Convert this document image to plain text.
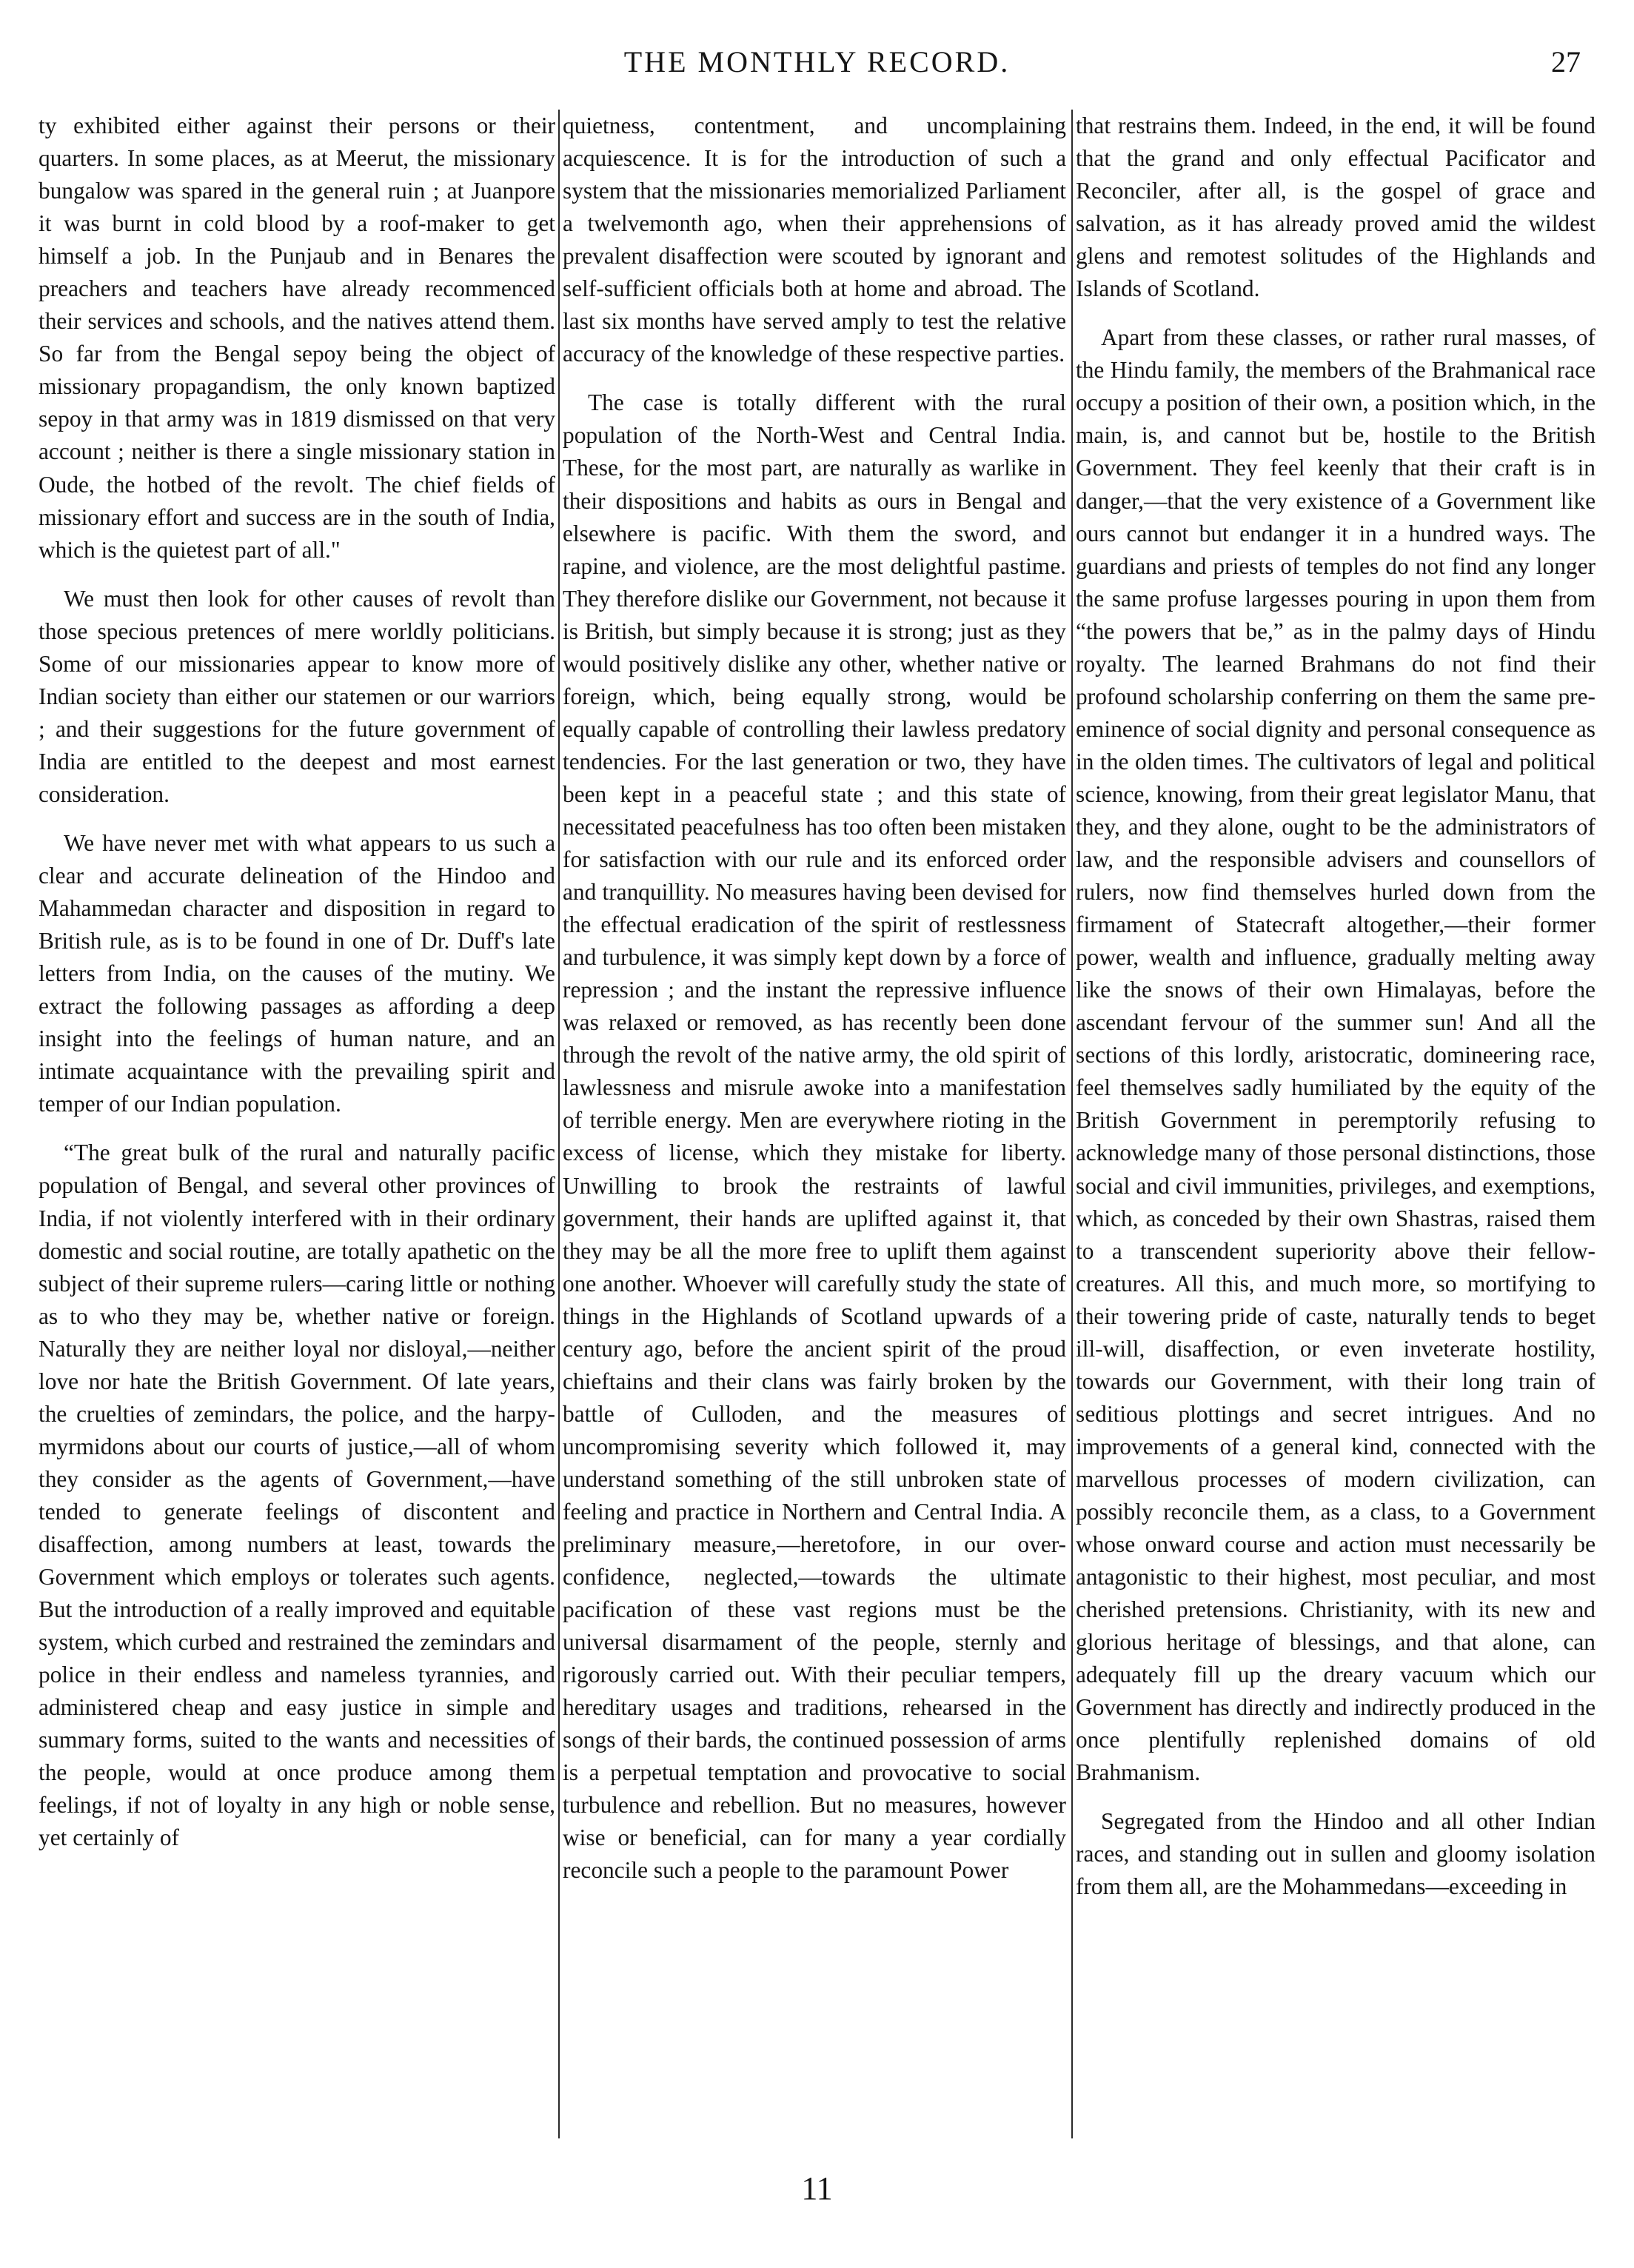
THE MONTHLY RECORD.	27

ty exhibited either against their persons or their quarters. In some places, as at Meerut, the missionary bungalow was spared in the general ruin ; at Juanpore it was burnt in cold blood by a roof-maker to get himself a job. In the Punjaub and in Benares the preachers and teachers have already recommenced their services and schools, and the natives attend them. So far from the Bengal sepoy being the object of missionary propagandism, the only known baptized sepoy in that army was in 1819 dismissed on that very account ; neither is there a single missionary station in Oude, the hotbed of the revolt. The chief fields of missionary effort and success are in the south of India, which is the quietest part of all."

We must then look for other causes of revolt than those specious pretences of mere worldly politicians. Some of our missionaries appear to know more of Indian society than either our statemen or our warriors ; and their suggestions for the future government of India are entitled to the deepest and most earnest consideration.

We have never met with what appears to us such a clear and accurate delineation of the Hindoo and Mahammedan character and disposition in regard to British rule, as is to be found in one of Dr. Duff's late letters from India, on the causes of the mutiny. We extract the following passages as affording a deep insight into the feelings of human nature, and an intimate acquaintance with the prevailing spirit and temper of our Indian population.

“The great bulk of the rural and naturally pacific population of Bengal, and several other provinces of India, if not violently interfered with in their ordinary domestic and social routine, are totally apathetic on the subject of their supreme rulers—caring little or nothing as to who they may be, whether native or foreign. Naturally they are neither loyal nor disloyal,—neither love nor hate the British Government. Of late years, the cruelties of zemindars, the police, and the harpy-myrmidons about our courts of justice,—all of whom they consider as the agents of Government,—have tended to generate feelings of discontent and disaffection, among numbers at least, towards the Government which employs or tolerates such agents. But the introduction of a really improved and equitable system, which curbed and restrained the zemindars and police in their endless and nameless tyrannies, and administered cheap and easy justice in simple and summary forms, suited to the wants and necessities of the people, would at once produce among them feelings, if not of loyalty in any high or noble sense, yet certainly of

quietness, contentment, and uncomplaining acquiescence. It is for the introduction of such a system that the missionaries memorialized Parliament a twelvemonth ago, when their apprehensions of prevalent disaffection were scouted by ignorant and self-sufficient officials both at home and abroad. The last six months have served amply to test the relative accuracy of the knowledge of these respective parties.

The case is totally different with the rural population of the North-West and Central India. These, for the most part, are naturally as warlike in their dispositions and habits as ours in Bengal and elsewhere is pacific. With them the sword, and rapine, and violence, are the most delightful pastime. They therefore dislike our Government, not because it is British, but simply because it is strong; just as they would positively dislike any other, whether native or foreign, which, being equally strong, would be equally capable of controlling their lawless predatory tendencies. For the last generation or two, they have been kept in a peaceful state ; and this state of necessitated peacefulness has too often been mistaken for satisfaction with our rule and its enforced order and tranquillity. No measures having been devised for the effectual eradication of the spirit of restlessness and turbulence, it was simply kept down by a force of repression ; and the instant the repressive influence was relaxed or removed, as has recently been done through the revolt of the native army, the old spirit of lawlessness and misrule awoke into a manifestation of terrible energy. Men are everywhere rioting in the excess of license, which they mistake for liberty. Unwilling to brook the restraints of lawful government, their hands are uplifted against it, that they may be all the more free to uplift them against one another. Whoever will carefully study the state of things in the Highlands of Scotland upwards of a century ago, before the ancient spirit of the proud chieftains and their clans was fairly broken by the battle of Culloden, and the measures of uncompromising severity which followed it, may understand something of the still unbroken state of feeling and practice in Northern and Central India. A preliminary measure,—heretofore, in our over-confidence, neglected,—towards the ultimate pacification of these vast regions must be the universal disarmament of the people, sternly and rigorously carried out. With their peculiar tempers, hereditary usages and traditions, rehearsed in the songs of their bards, the continued possession of arms is a perpetual temptation and provocative to social turbulence and rebellion. But no measures, however wise or beneficial, can for many a year cordially reconcile such a people to the paramount Power

that restrains them. Indeed, in the end, it will be found that the grand and only effectual Pacificator and Reconciler, after all, is the gospel of grace and salvation, as it has already proved amid the wildest glens and remotest solitudes of the Highlands and Islands of Scotland.

Apart from these classes, or rather rural masses, of the Hindu family, the members of the Brahmanical race occupy a position of their own, a position which, in the main, is, and cannot but be, hostile to the British Government. They feel keenly that their craft is in danger,—that the very existence of a Government like ours cannot but endanger it in a hundred ways. The guardians and priests of temples do not find any longer the same profuse largesses pouring in upon them from “the powers that be,” as in the palmy days of Hindu royalty. The learned Brahmans do not find their profound scholarship conferring on them the same pre-eminence of social dignity and personal consequence as in the olden times. The cultivators of legal and political science, knowing, from their great legislator Manu, that they, and they alone, ought to be the administrators of law, and the responsible advisers and counsellors of rulers, now find themselves hurled down from the firmament of Statecraft altogether,—their former power, wealth and influence, gradually melting away like the snows of their own Himalayas, before the ascendant fervour of the summer sun! And all the sections of this lordly, aristocratic, domineering race, feel themselves sadly humiliated by the equity of the British Government in peremptorily refusing to acknowledge many of those personal distinctions, those social and civil immunities, privileges, and exemptions, which, as conceded by their own Shastras, raised them to a transcendent superiority above their fellow-creatures. All this, and much more, so mortifying to their towering pride of caste, naturally tends to beget ill-will, disaffection, or even inveterate hostility, towards our Government, with their long train of seditious plottings and secret intrigues. And no improvements of a general kind, connected with the marvellous processes of modern civilization, can possibly reconcile them, as a class, to a Government whose onward course and action must necessarily be antagonistic to their highest, most peculiar, and most cherished pretensions. Christianity, with its new and glorious heritage of blessings, and that alone, can adequately fill up the dreary vacuum which our Government has directly and indirectly produced in the once plentifully replenished domains of old Brahmanism.

Segregated from the Hindoo and all other Indian races, and standing out in sullen and gloomy isolation from them all, are the Mohammedans—exceeding in

11
